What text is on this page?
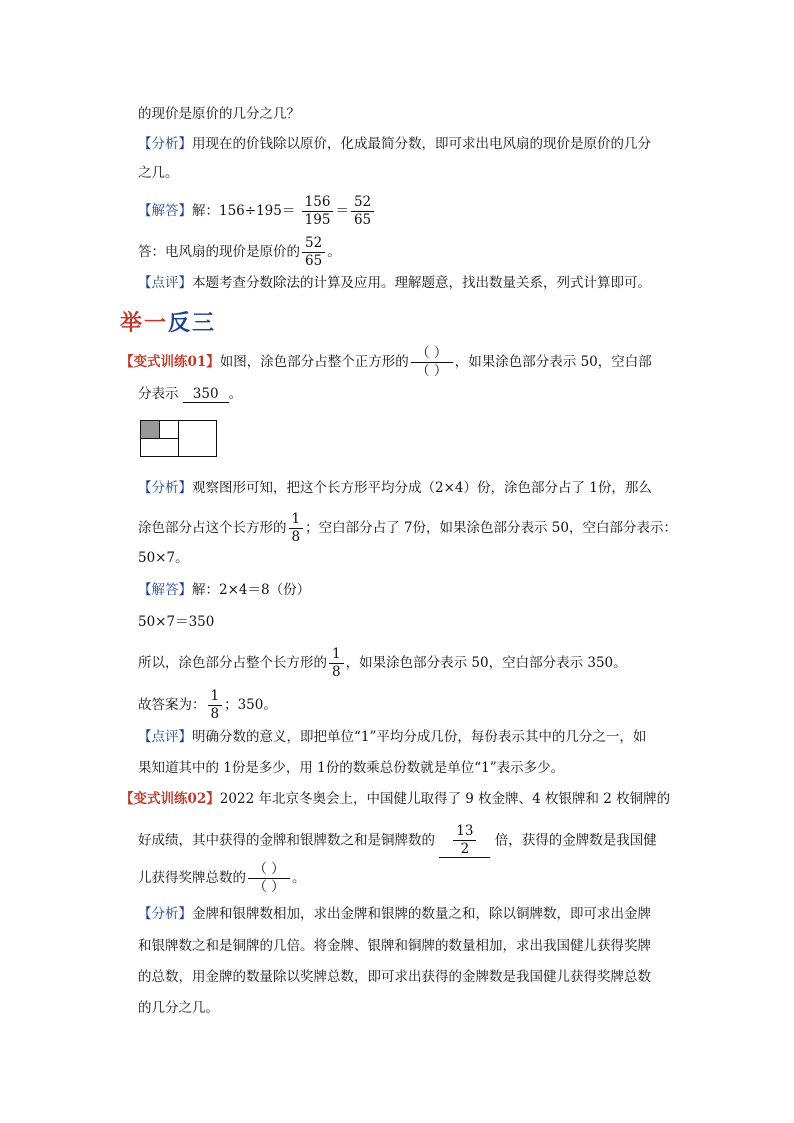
的现价是原价的几分之几？
【分析】用现在的价钱除以原价，化成最简分数，即可求出电风扇的现价是原价的几分
之几。
【解答】解：$156\div 195= \frac{156}{195} = \frac{52}{65}$
答：电风扇的现价是原价的 $\frac{52}{65}$ 。
【点评】本题考查分数除法的计算及应用。理解题意，找出数量关系，列式计算即可。
举一反三
【变式训练01】如图，涂色部分占整个正方形的 $\frac{( )}{( )}$ ，如果涂色部分表示 50，空白部
分表示 350 。
【分析】观察图形可知，把这个长方形平均分成（2×4）份，涂色部分占了 1份，那么
涂色部分占这个长方形的 $\frac{1}{8}$ ；空白部分占了 7份，如果涂色部分表示 50，空白部分表示：
50×7。
【解答】解：2×4＝8（份）
50×7＝350
所以，涂色部分占整个长方形的 $\frac{1}{8}$ ，如果涂色部分表示 50，空白部分表示 350。
故答案为： $\frac{1}{8}$ ；350。
【点评】明确分数的意义，即把单位“1”平均分成几份，每份表示其中的几分之一，如
果知道其中的 1份是多少，用 1份的数乘总份数就是单位“1”表示多少。
【变式训练02】2022 年北京冬奥会上，中国健儿取得了 9 枚金牌、4 枚银牌和 2 枚铜牌的
好成绩，其中获得的金牌和银牌数之和是铜牌数的 $\frac{13}{2}$ 倍，获得的金牌数是我国健
儿获得奖牌总数的 $\frac{( )}{( )}$ 。
【分析】金牌和银牌数相加，求出金牌和银牌的数量之和，除以铜牌数，即可求出金牌
和银牌数之和是铜牌的几倍。将金牌、银牌和铜牌的数量相加，求出我国健儿获得奖牌
的总数，用金牌的数量除以奖牌总数，即可求出获得的金牌数是我国健儿获得奖牌总数
的几分之几。
